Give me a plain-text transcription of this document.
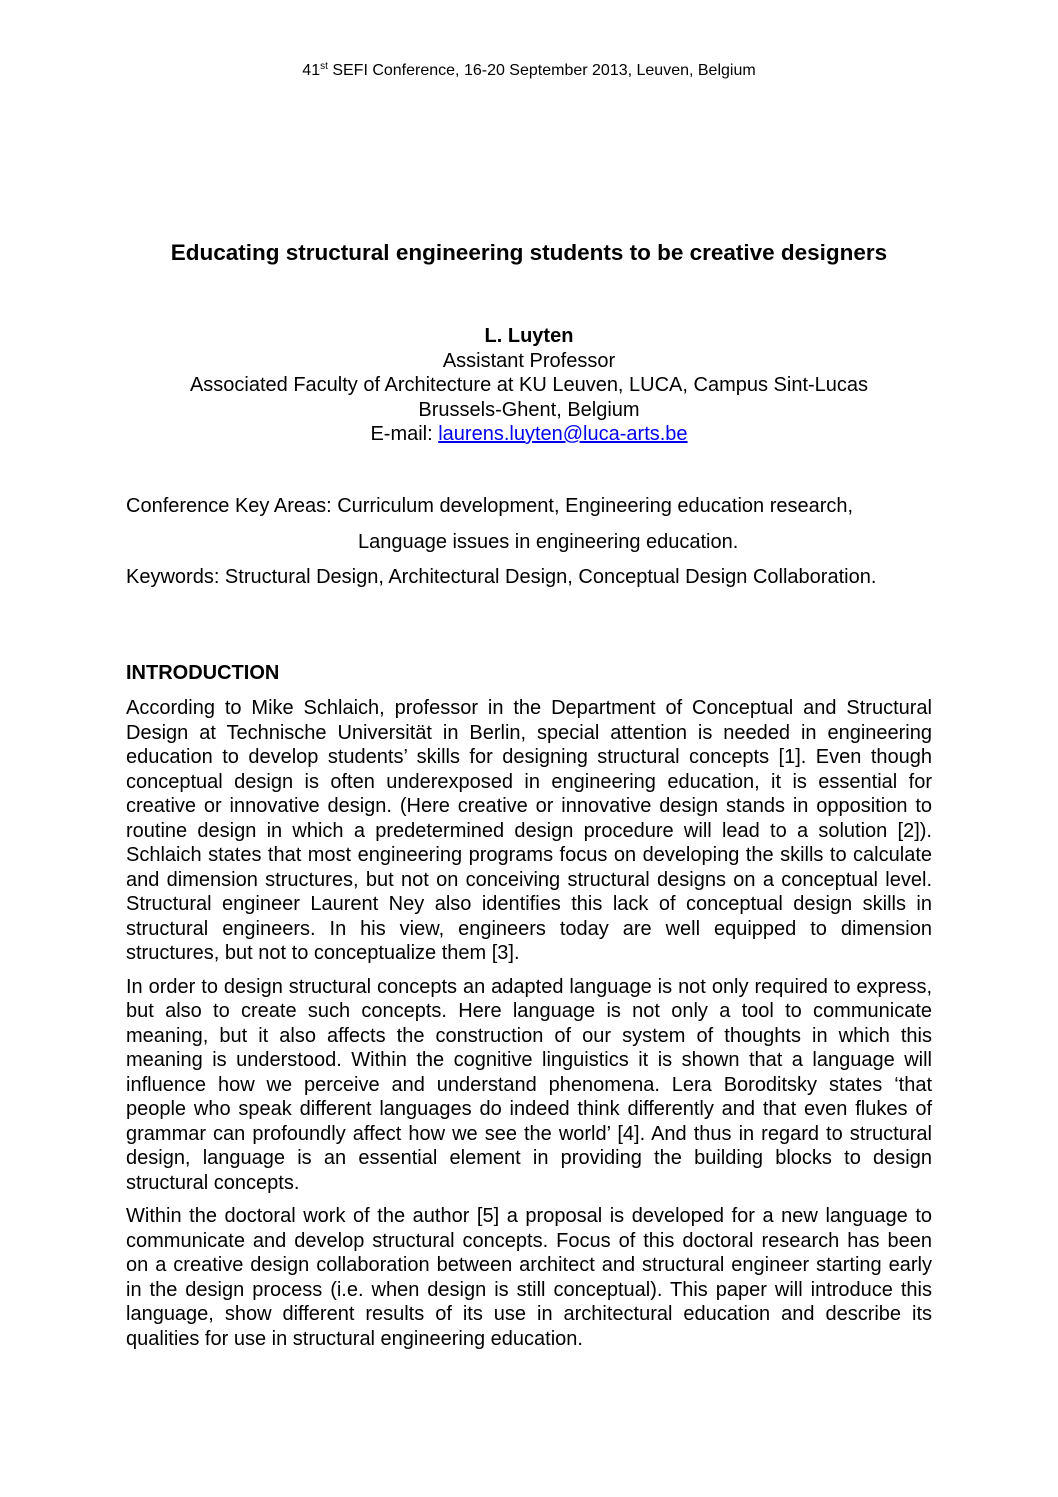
41st SEFI Conference, 16-20 September 2013, Leuven, Belgium
Educating structural engineering students to be creative designers
L. Luyten
Assistant Professor
Associated Faculty of Architecture at KU Leuven, LUCA, Campus Sint-Lucas
Brussels-Ghent, Belgium
E-mail: laurens.luyten@luca-arts.be
Conference Key Areas: Curriculum development, Engineering education research,
Language issues in engineering education.
Keywords: Structural Design, Architectural Design, Conceptual Design Collaboration.
INTRODUCTION

According to Mike Schlaich, professor in the Department of Conceptual and Structural Design at Technische Universität in Berlin, special attention is needed in engineering education to develop students’ skills for designing structural concepts [1]. Even though conceptual design is often underexposed in engineering education, it is essential for creative or innovative design. (Here creative or innovative design stands in opposition to routine design in which a predetermined design procedure will lead to a solution [2]). Schlaich states that most engineering programs focus on developing the skills to calculate and dimension structures, but not on conceiving structural designs on a conceptual level. Structural engineer Laurent Ney also identifies this lack of conceptual design skills in structural engineers. In his view, engineers today are well equipped to dimension structures, but not to conceptualize them [3].

In order to design structural concepts an adapted language is not only required to express, but also to create such concepts. Here language is not only a tool to communicate meaning, but it also affects the construction of our system of thoughts in which this meaning is understood. Within the cognitive linguistics it is shown that a language will influence how we perceive and understand phenomena. Lera Boroditsky states ‘that people who speak different languages do indeed think differently and that even flukes of grammar can profoundly affect how we see the world’ [4]. And thus in regard to structural design, language is an essential element in providing the building blocks to design structural concepts.

Within the doctoral work of the author [5] a proposal is developed for a new language to communicate and develop structural concepts. Focus of this doctoral research has been on a creative design collaboration between architect and structural engineer starting early in the design process (i.e. when design is still conceptual). This paper will introduce this language, show different results of its use in architectural education and describe its qualities for use in structural engineering education.
